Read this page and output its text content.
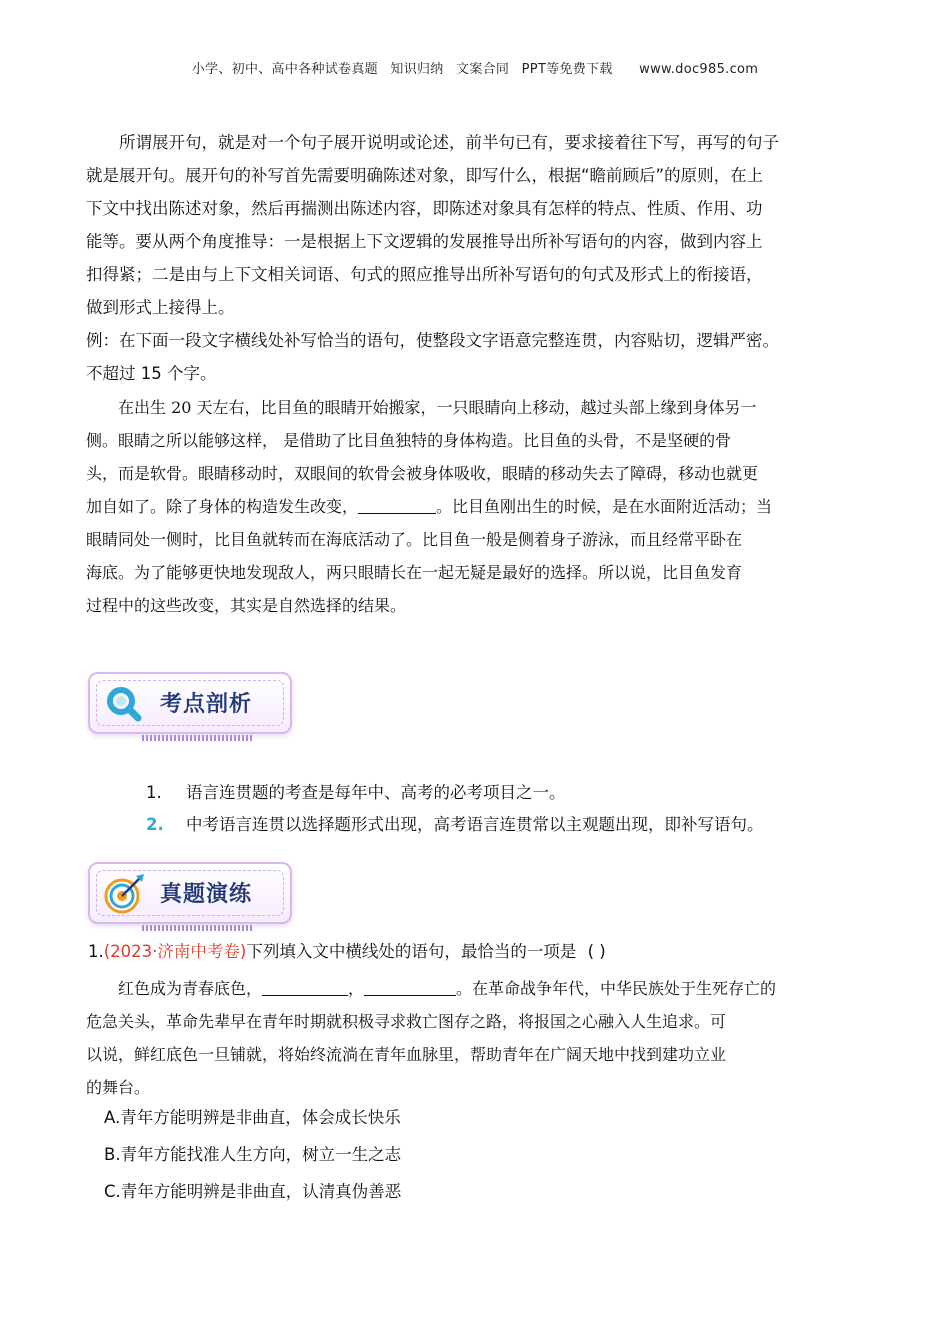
小学、初中、高中各种试卷真题 知识归纳 文案合同 PPT等免费下载 www.doc985.com
所谓展开句，就是对一个句子展开说明或论述，前半句已有，要求接着往下写，再写的句子
就是展开句。展开句的补写首先需要明确陈述对象，即写什么，根据“瞻前顾后”的原则，在上
下文中找出陈述对象，然后再揣测出陈述内容，即陈述对象具有怎样的特点、性质、作用、功
能等。要从两个角度推导：一是根据上下文逻辑的发展推导出所补写语句的内容，做到内容上
扣得紧；二是由与上下文相关词语、句式的照应推导出所补写语句的句式及形式上的衔接语，
做到形式上接得上。
例：在下面一段文字横线处补写恰当的语句，使整段文字语意完整连贯，内容贴切，逻辑严密。
不超过 15 个字。
在出生 20 天左右，比目鱼的眼睛开始搬家，一只眼睛向上移动，越过头部上缘到身体另一
侧。眼睛之所以能够这样， 是借助了比目鱼独特的身体构造。比目鱼的头骨，不是坚硬的骨
头，而是软骨。眼睛移动时，双眼间的软骨会被身体吸收，眼睛的移动失去了障碍，移动也就更
加自如了。除了身体的构造发生改变，	。比目鱼刚出生的时候，是在水面附近活动；当
眼睛同处一侧时，比目鱼就转而在海底活动了。比目鱼一般是侧着身子游泳，而且经常平卧在
海底。为了能够更快地发现敌人，两只眼睛长在一起无疑是最好的选择。所以说，比目鱼发育
过程中的这些改变，其实是自然选择的结果。
考点剖析
1. 语言连贯题的考查是每年中、高考的必考项目之一。
2. 中考语言连贯以选择题形式出现，高考语言连贯常以主观题出现，即补写语句。
真题演练
1.(2023·济南中考卷)下列填入文中横线处的语句，最恰当的一项是 ( )
红色成为青春底色，	，	。在革命战争年代，中华民族处于生死存亡的
危急关头，革命先辈早在青年时期就积极寻求救亡图存之路，将报国之心融入人生追求。可
以说，鲜红底色一旦铺就，将始终流淌在青年血脉里，帮助青年在广阔天地中找到建功立业
的舞台。
A.青年方能明辨是非曲直，体会成长快乐
B.青年方能找准人生方向，树立一生之志
C.青年方能明辨是非曲直，认清真伪善恶
